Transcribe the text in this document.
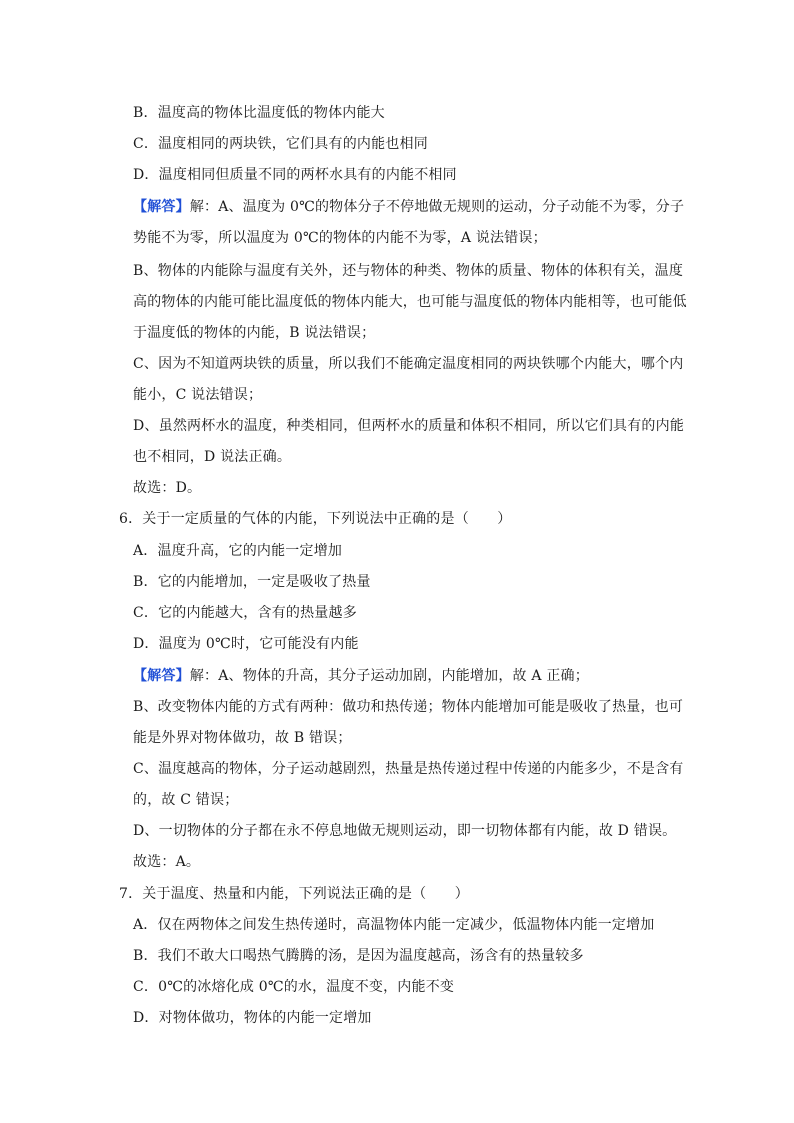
B．温度高的物体比温度低的物体内能大
C．温度相同的两块铁，它们具有的内能也相同
D．温度相同但质量不同的两杯水具有的内能不相同
【解答】解：A、温度为 0℃的物体分子不停地做无规则的运动，分子动能不为零，分子
势能不为零，所以温度为 0℃的物体的内能不为零，A 说法错误；
B、物体的内能除与温度有关外，还与物体的种类、物体的质量、物体的体积有关，温度
高的物体的内能可能比温度低的物体内能大，也可能与温度低的物体内能相等，也可能低
于温度低的物体的内能，B 说法错误；
C、因为不知道两块铁的质量，所以我们不能确定温度相同的两块铁哪个内能大，哪个内
能小，C 说法错误；
D、虽然两杯水的温度，种类相同，但两杯水的质量和体积不相同，所以它们具有的内能
也不相同，D 说法正确。
故选：D。
6．关于一定质量的气体的内能，下列说法中正确的是（　　）
A．温度升高，它的内能一定增加
B．它的内能增加，一定是吸收了热量
C．它的内能越大，含有的热量越多
D．温度为 0℃时，它可能没有内能
【解答】解：A、物体的升高，其分子运动加剧，内能增加，故 A 正确；
B、改变物体内能的方式有两种：做功和热传递；物体内能增加可能是吸收了热量，也可
能是外界对物体做功，故 B 错误；
C、温度越高的物体，分子运动越剧烈，热量是热传递过程中传递的内能多少，不是含有
的，故 C 错误；
D、一切物体的分子都在永不停息地做无规则运动，即一切物体都有内能，故 D 错误。
故选：A。
7．关于温度、热量和内能，下列说法正确的是（　　）
A．仅在两物体之间发生热传递时，高温物体内能一定减少，低温物体内能一定增加
B．我们不敢大口喝热气腾腾的汤，是因为温度越高，汤含有的热量较多
C．0℃的冰熔化成 0℃的水，温度不变，内能不变
D．对物体做功，物体的内能一定增加
